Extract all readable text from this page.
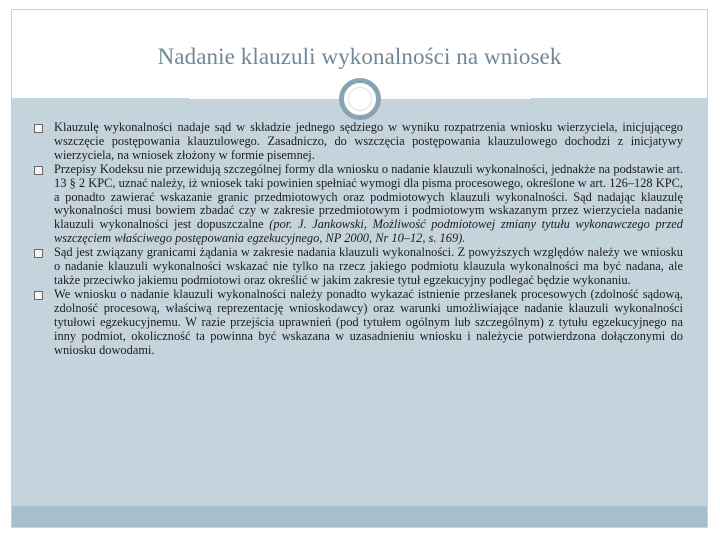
Nadanie klauzuli wykonalności na wniosek
Klauzulę wykonalności nadaje sąd w składzie jednego sędziego w wyniku rozpatrzenia wniosku wierzyciela, inicjującego wszczęcie postępowania klauzulowego. Zasadniczo, do wszczęcia postępowania klauzulowego dochodzi z inicjatywy wierzyciela, na wniosek złożony w formie pisemnej.
Przepisy Kodeksu nie przewidują szczególnej formy dla wniosku o nadanie klauzuli wykonalności, jednakże na podstawie art. 13 § 2 KPC, uznać należy, iż wniosek taki powinien spełniać wymogi dla pisma procesowego, określone w art. 126–128 KPC, a ponadto zawierać wskazanie granic przedmiotowych oraz podmiotowych klauzuli wykonalności. Sąd nadając klauzulę wykonalności musi bowiem zbadać czy w zakresie przedmiotowym i podmiotowym wskazanym przez wierzyciela nadanie klauzuli wykonalności jest dopuszczalne (por. J. Jankowski, Możliwość podmiotowej zmiany tytułu wykonawczego przed wszczęciem właściwego postępowania egzekucyjnego, NP 2000, Nr 10–12, s. 169).
Sąd jest związany granicami żądania w zakresie nadania klauzuli wykonalności. Z powyższych względów należy we wniosku o nadanie klauzuli wykonalności wskazać nie tylko na rzecz jakiego podmiotu klauzula wykonalności ma być nadana, ale także przeciwko jakiemu podmiotowi oraz określić w jakim zakresie tytuł egzekucyjny podlegać będzie wykonaniu.
We wniosku o nadanie klauzuli wykonalności należy ponadto wykazać istnienie przesłanek procesowych (zdolność sądową, zdolność procesową, właściwą reprezentację wnioskodawcy) oraz warunki umożliwiające nadanie klauzuli wykonalności tytułowi egzekucyjnemu. W razie przejścia uprawnień (pod tytułem ogólnym lub szczególnym) z tytułu egzekucyjnego na inny podmiot, okoliczność ta powinna być wskazana w uzasadnieniu wniosku i należycie potwierdzona dołączonymi do wniosku dowodami.
